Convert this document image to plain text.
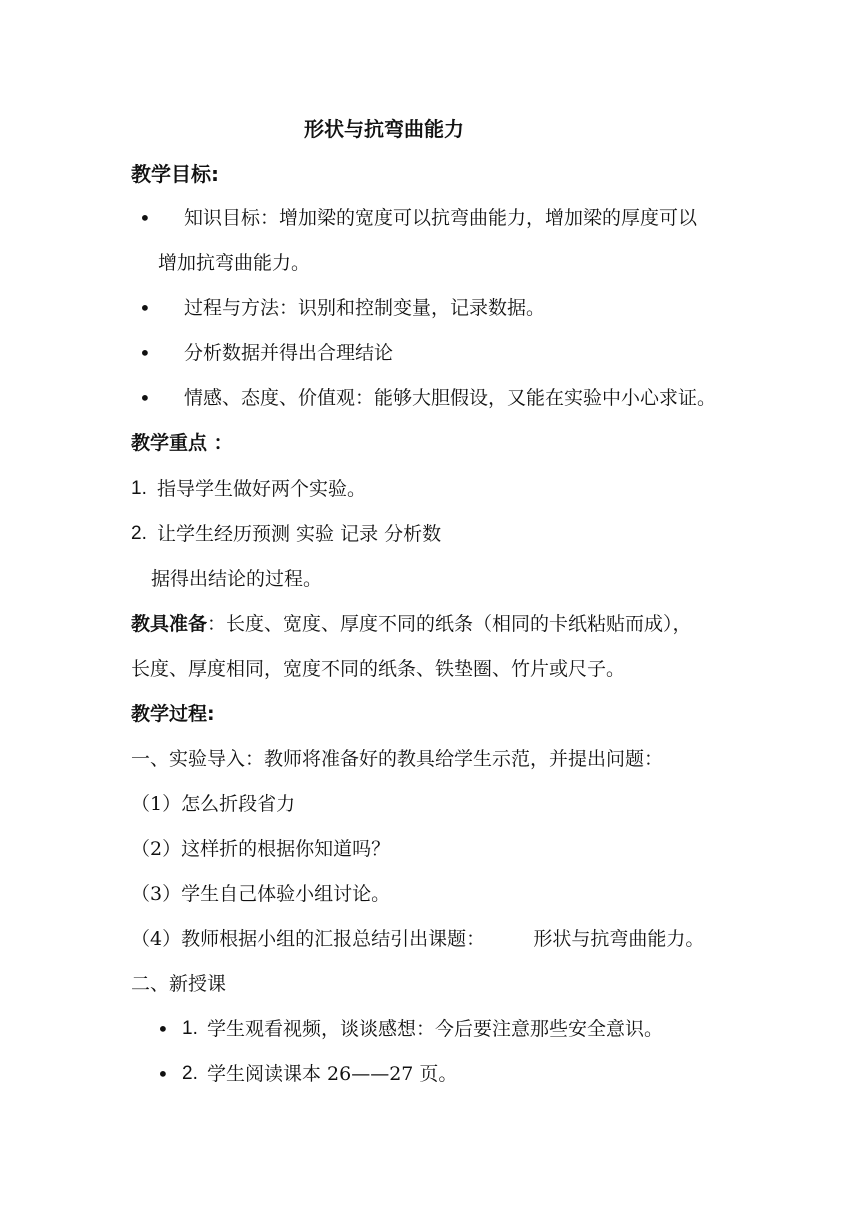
形状与抗弯曲能力
教学目标:
• 知识目标：增加梁的宽度可以抗弯曲能力，增加梁的厚度可以
增加抗弯曲能力。
• 过程与方法：识别和控制变量，记录数据。
• 分析数据并得出合理结论
• 情感、态度、价值观：能够大胆假设，又能在实验中小心求证。
教学重点 ：
1. 指导学生做好两个实验。
2. 让学生经历预测 实验 记录 分析数
据得出结论的过程。
教具准备：长度、宽度、厚度不同的纸条（相同的卡纸粘贴而成），
长度、厚度相同，宽度不同的纸条、铁垫圈、竹片或尺子。
教学过程:
一、实验导入：教师将准备好的教具给学生示范，并提出问题：
（1）怎么折段省力
（2）这样折的根据你知道吗？
（3）学生自己体验小组讨论。
（4）教师根据小组的汇报总结引出课题：        形状与抗弯曲能力。
二、新授课
• 1. 学生观看视频，谈谈感想：今后要注意那些安全意识。
• 2. 学生阅读课本 26——27 页。
